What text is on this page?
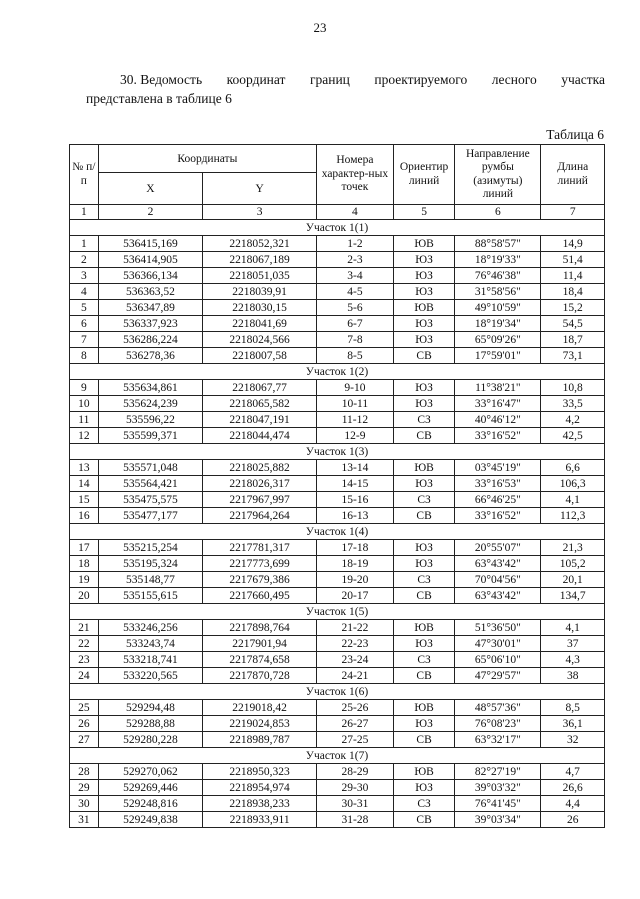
23
30. Ведомость координат границ проектируемого лесного участка
представлена в таблице 6
Таблица 6
№ п/п	Координаты		Номера характер-ных точек	Ориентир линий	Направление румбы (азимуты) линий	Длина линий
	X	Y				
1	2	3	4	5	6	7
Участок 1(1)						
1	536415,169	2218052,321	1-2	ЮВ	88°58'57"	14,9
2	536414,905	2218067,189	2-3	ЮЗ	18°19'33"	51,4
3	536366,134	2218051,035	3-4	ЮЗ	76°46'38"	11,4
4	536363,52	2218039,91	4-5	ЮЗ	31°58'56"	18,4
5	536347,89	2218030,15	5-6	ЮВ	49°10'59"	15,2
6	536337,923	2218041,69	6-7	ЮЗ	18°19'34"	54,5
7	536286,224	2218024,566	7-8	ЮЗ	65°09'26"	18,7
8	536278,36	2218007,58	8-5	СВ	17°59'01"	73,1
Участок 1(2)						
9	535634,861	2218067,77	9-10	ЮЗ	11°38'21"	10,8
10	535624,239	2218065,582	10-11	ЮЗ	33°16'47"	33,5
11	535596,22	2218047,191	11-12	СЗ	40°46'12"	4,2
12	535599,371	2218044,474	12-9	СВ	33°16'52"	42,5
Участок 1(3)						
13	535571,048	2218025,882	13-14	ЮВ	03°45'19"	6,6
14	535564,421	2218026,317	14-15	ЮЗ	33°16'53"	106,3
15	535475,575	2217967,997	15-16	СЗ	66°46'25"	4,1
16	535477,177	2217964,264	16-13	СВ	33°16'52"	112,3
Участок 1(4)						
17	535215,254	2217781,317	17-18	ЮЗ	20°55'07"	21,3
18	535195,324	2217773,699	18-19	ЮЗ	63°43'42"	105,2
19	535148,77	2217679,386	19-20	СЗ	70°04'56"	20,1
20	535155,615	2217660,495	20-17	СВ	63°43'42"	134,7
Участок 1(5)						
21	533246,256	2217898,764	21-22	ЮВ	51°36'50"	4,1
22	533243,74	2217901,94	22-23	ЮЗ	47°30'01"	37
23	533218,741	2217874,658	23-24	СЗ	65°06'10"	4,3
24	533220,565	2217870,728	24-21	СВ	47°29'57"	38
Участок 1(6)						
25	529294,48	2219018,42	25-26	ЮВ	48°57'36"	8,5
26	529288,88	2219024,853	26-27	ЮЗ	76°08'23"	36,1
27	529280,228	2218989,787	27-25	СВ	63°32'17"	32
Участок 1(7)						
28	529270,062	2218950,323	28-29	ЮВ	82°27'19"	4,7
29	529269,446	2218954,974	29-30	ЮЗ	39°03'32"	26,6
30	529248,816	2218938,233	30-31	СЗ	76°41'45"	4,4
31	529249,838	2218933,911	31-28	СВ	39°03'34"	26
